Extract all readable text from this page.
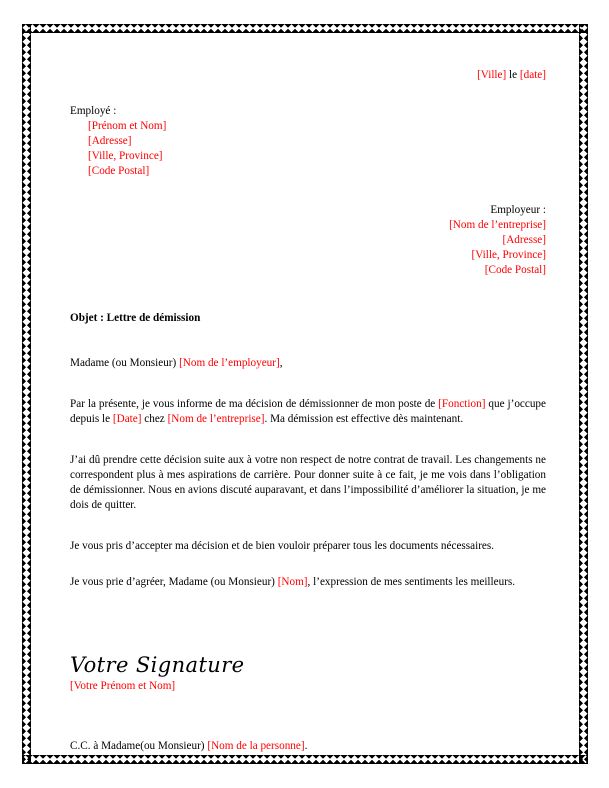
[Ville] le [date]
Employé :
[Prénom et Nom]
[Adresse]
[Ville, Province]
[Code Postal]
Employeur :
[Nom de l’entreprise]
[Adresse]
[Ville, Province]
[Code Postal]
Objet : Lettre de démission
Madame (ou Monsieur) [Nom de l’employeur],

Par la présente, je vous informe de ma décision de démissionner de mon poste de [Fonction] que j’occupe depuis le [Date] chez [Nom de l’entreprise]. Ma démission est effective dès maintenant.

J’ai dû prendre cette décision suite aux à votre non respect de notre contrat de travail. Les changements ne correspondent plus à mes aspirations de carrière. Pour donner suite à ce fait, je me vois dans l’obligation de démissionner. Nous en avions discuté auparavant, et dans l’impossibilité d’améliorer la situation, je me dois de quitter.

Je vous pris d’accepter ma décision et de bien vouloir préparer tous les documents nécessaires.

Je vous prie d’agréer, Madame (ou Monsieur) [Nom], l’expression de mes sentiments les meilleurs.

Votre Signature
[Votre Prénom et Nom]
C.C. à Madame(ou Monsieur) [Nom de la personne].
